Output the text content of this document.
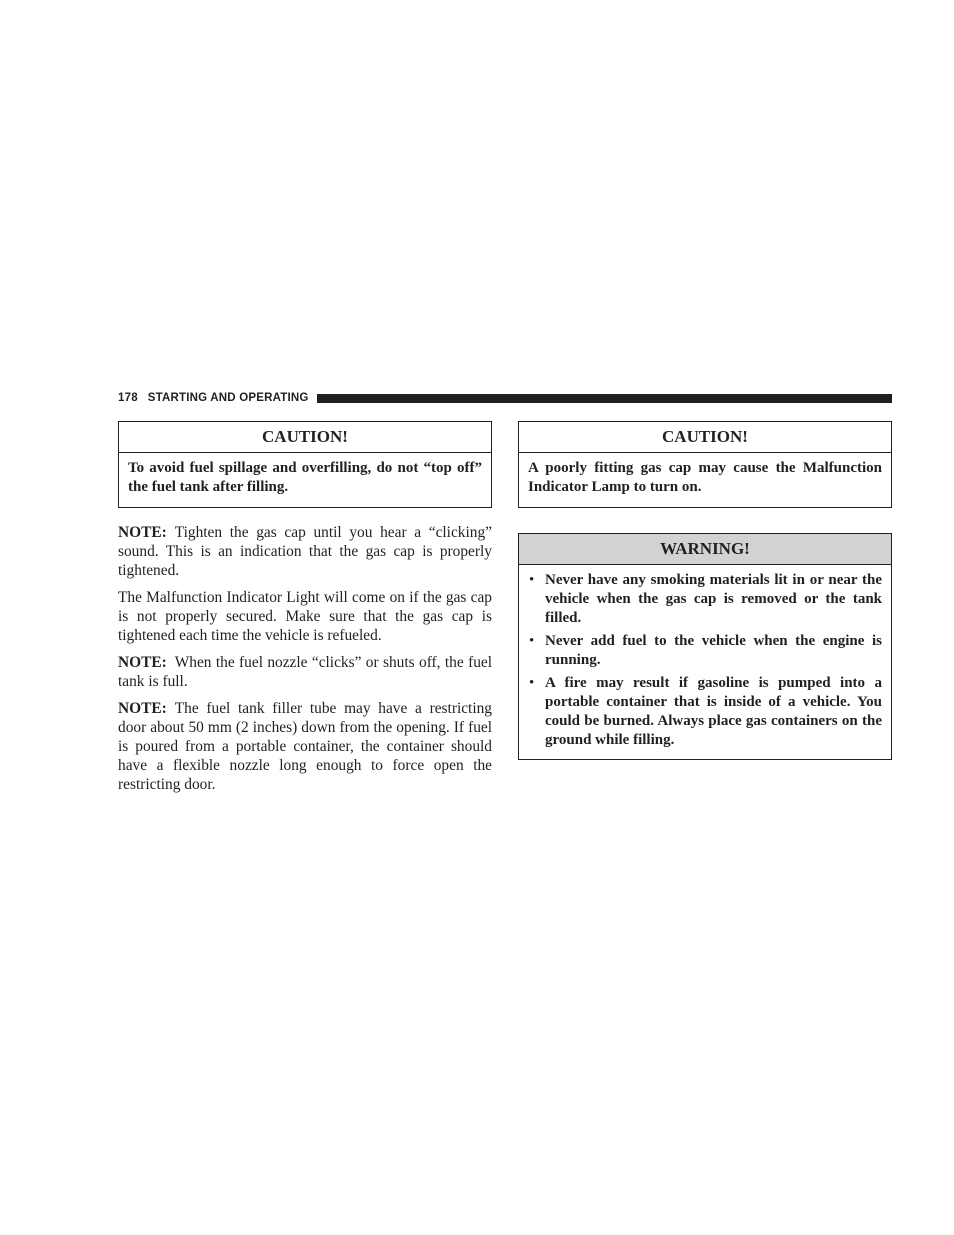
178 STARTING AND OPERATING
CAUTION!
To avoid fuel spillage and overfilling, do not “top off” the fuel tank after filling.
CAUTION!
A poorly fitting gas cap may cause the Malfunction Indicator Lamp to turn on.
WARNING!
• Never have any smoking materials lit in or near the vehicle when the gas cap is removed or the tank filled.
• Never add fuel to the vehicle when the engine is running.
• A fire may result if gasoline is pumped into a portable container that is inside of a vehicle. You could be burned. Always place gas containers on the ground while filling.

NOTE: Tighten the gas cap until you hear a “clicking” sound. This is an indication that the gas cap is properly tightened.

The Malfunction Indicator Light will come on if the gas cap is not properly secured. Make sure that the gas cap is tightened each time the vehicle is refueled.

NOTE: When the fuel nozzle “clicks” or shuts off, the fuel tank is full.

NOTE: The fuel tank filler tube may have a restricting door about 50 mm (2 inches) down from the opening. If fuel is poured from a portable container, the container should have a flexible nozzle long enough to force open the restricting door.
